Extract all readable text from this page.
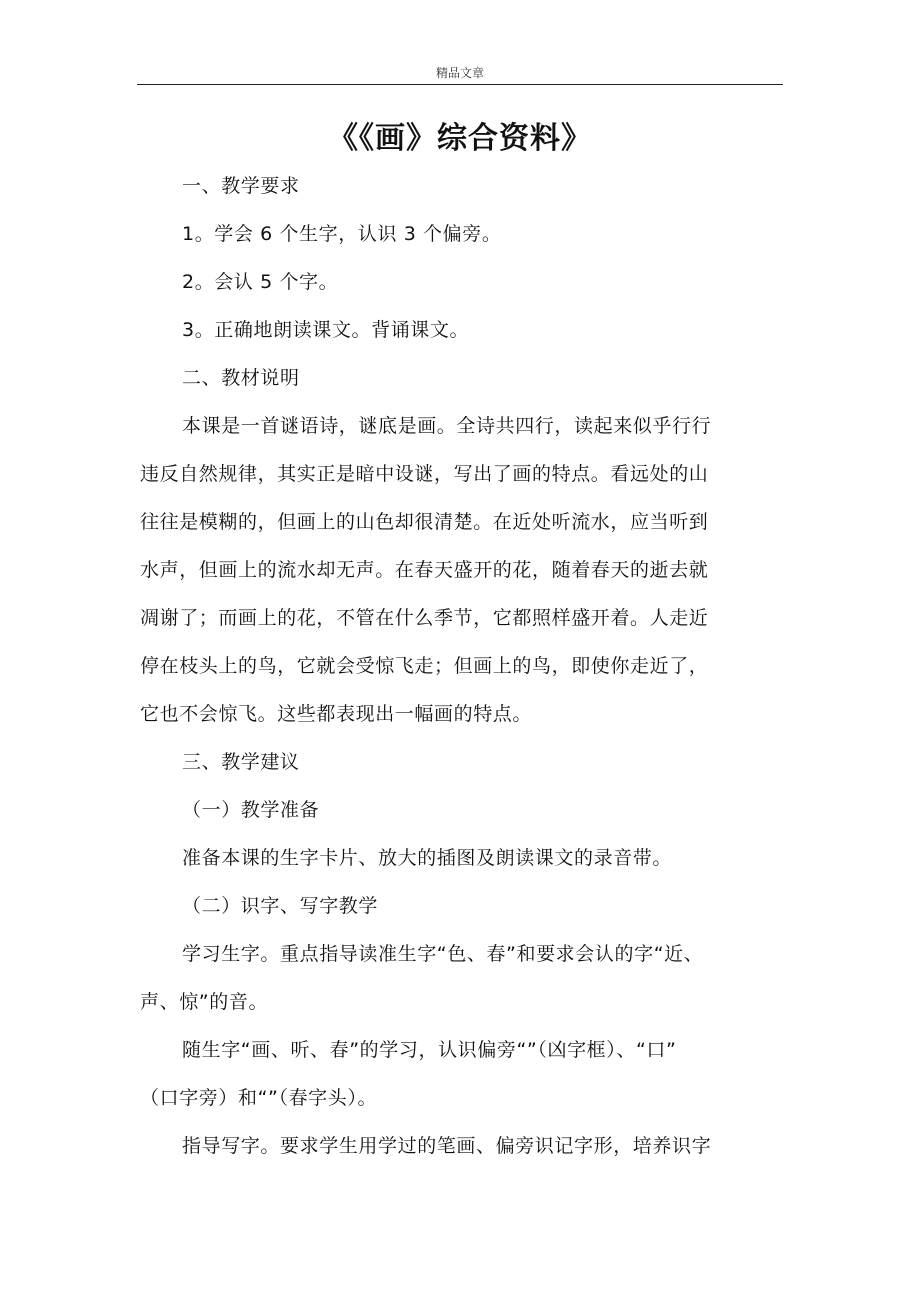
精品文章
《《画》综合资料》
一、教学要求
1。学会 6 个生字，认识 3 个偏旁。
2。会认 5 个字。
3。正确地朗读课文。背诵课文。
二、教材说明
本课是一首谜语诗，谜底是画。全诗共四行，读起来似乎行行
违反自然规律，其实正是暗中设谜，写出了画的特点。看远处的山
往往是模糊的，但画上的山色却很清楚。在近处听流水，应当听到
水声，但画上的流水却无声。在春天盛开的花，随着春天的逝去就
凋谢了；而画上的花，不管在什么季节，它都照样盛开着。人走近
停在枝头上的鸟，它就会受惊飞走；但画上的鸟，即使你走近了，
它也不会惊飞。这些都表现出一幅画的特点。
三、教学建议
（一）教学准备
准备本课的生字卡片、放大的插图及朗读课文的录音带。
（二）识字、写字教学
学习生字。重点指导读准生字“色、春”和要求会认的字“近、
声、惊”的音。
随生字“画、听、春”的学习，认识偏旁“”（凶字框）、“口”
（口字旁）和“”（春字头）。
指导写字。要求学生用学过的笔画、偏旁识记字形，培养识字
